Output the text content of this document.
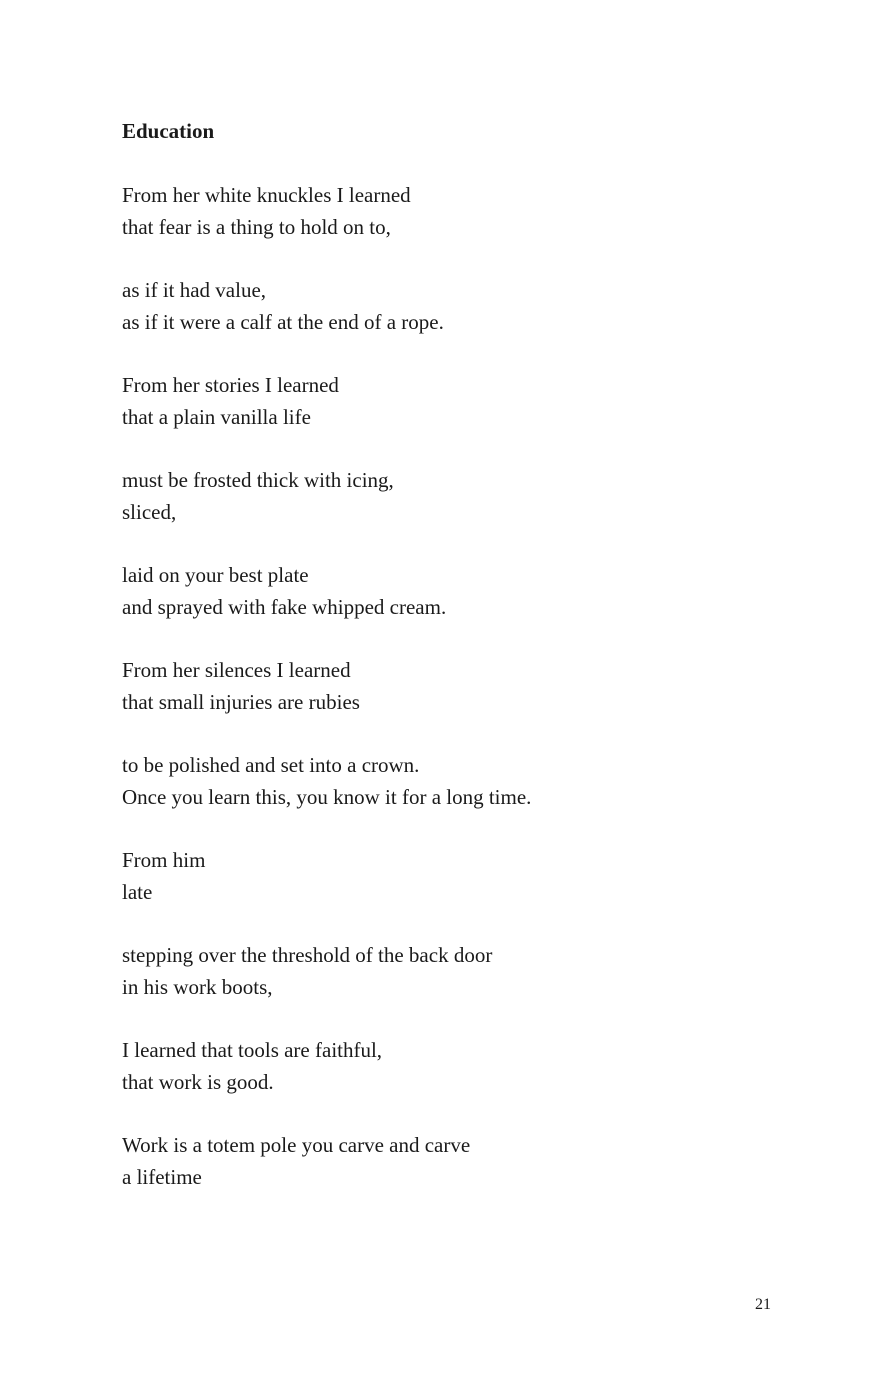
Education
From her white knuckles I learned
that fear is a thing to hold on to,
as if it had value,
as if it were a calf at the end of a rope.
From her stories I learned
that a plain vanilla life
must be frosted thick with icing,
sliced,
laid on your best plate
and sprayed with fake whipped cream.
From her silences I learned
that small injuries are rubies
to be polished and set into a crown.
Once you learn this, you know it for a long time.
From him
late
stepping over the threshold of the back door
in his work boots,
I learned that tools are faithful,
that work is good.
Work is a totem pole you carve and carve
a lifetime
21
